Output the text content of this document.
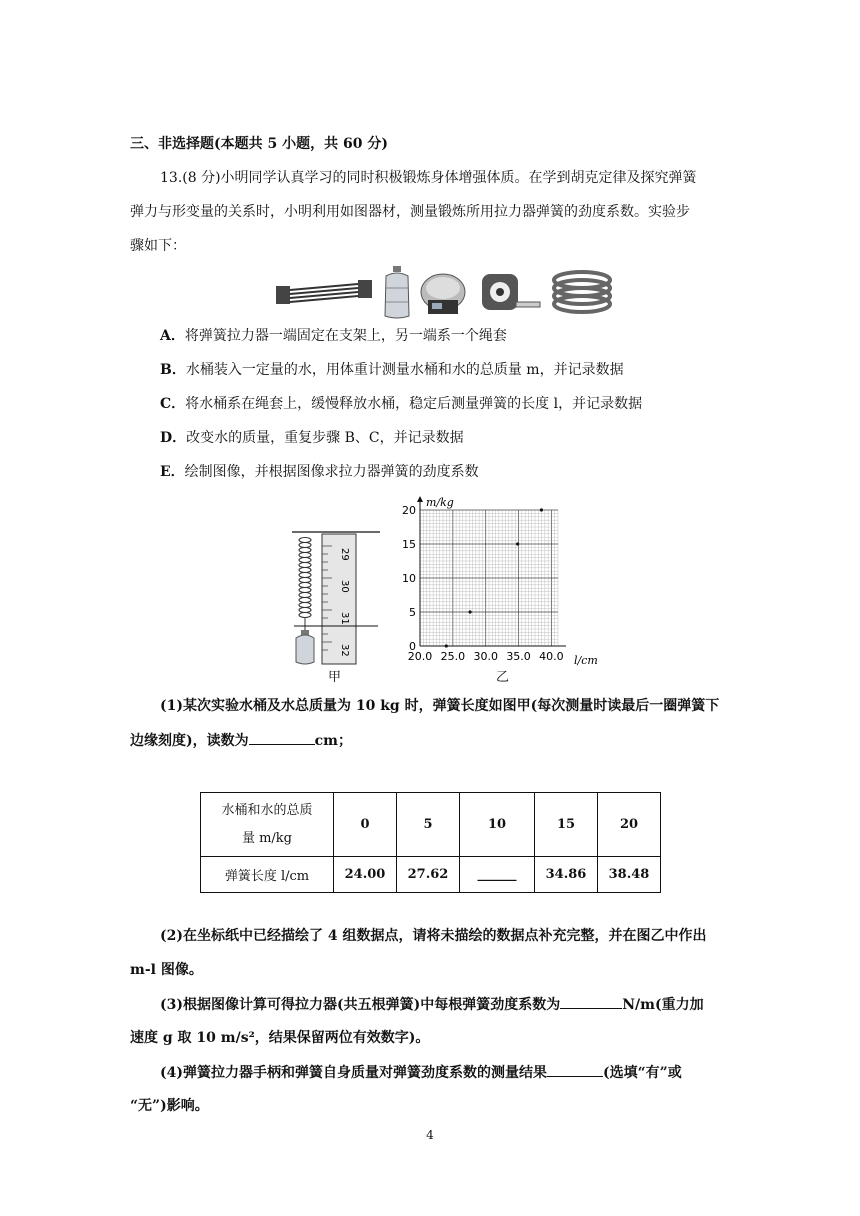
三、非选择题(本题共 5 小题，共 60 分)
13.(8 分)小明同学认真学习的同时积极锻炼身体增强体质。在学到胡克定律及探究弹簧
弹力与形变量的关系时，小明利用如图器材，测量锻炼所用拉力器弹簧的劲度系数。实验步
骤如下：
A．将弹簧拉力器一端固定在支架上，另一端系一个绳套
B．水桶装入一定量的水，用体重计测量水桶和水的总质量 m，并记录数据
C．将水桶系在绳套上，缓慢释放水桶，稳定后测量弹簧的长度 l，并记录数据
D．改变水的质量，重复步骤 B、C，并记录数据
E．绘制图像，并根据图像求拉力器弹簧的劲度系数
29
30
31
32
甲
20
15
10
5
0
20.0 25.0 30.0 35.0 40.0
m/kg
l/cm
乙
(1)某次实验水桶及水总质量为 10 kg 时，弹簧长度如图甲(每次测量时读最后一圈弹簧下
边缘刻度)，读数为	cm；
水桶和水的总质
量 m/kg	0	5	10	15	20
弹簧长度 l/cm	24.00	27.62	______	34.86	38.48
(2)在坐标纸中已经描绘了 4 组数据点，请将未描绘的数据点补充完整，并在图乙中作出
m-l 图像。
(3)根据图像计算可得拉力器(共五根弹簧)中每根弹簧劲度系数为	N/m(重力加
速度 g 取 10 m/s²，结果保留两位有效数字)。
(4)弹簧拉力器手柄和弹簧自身质量对弹簧劲度系数的测量结果	(选填“有”或
“无”)影响。
4
